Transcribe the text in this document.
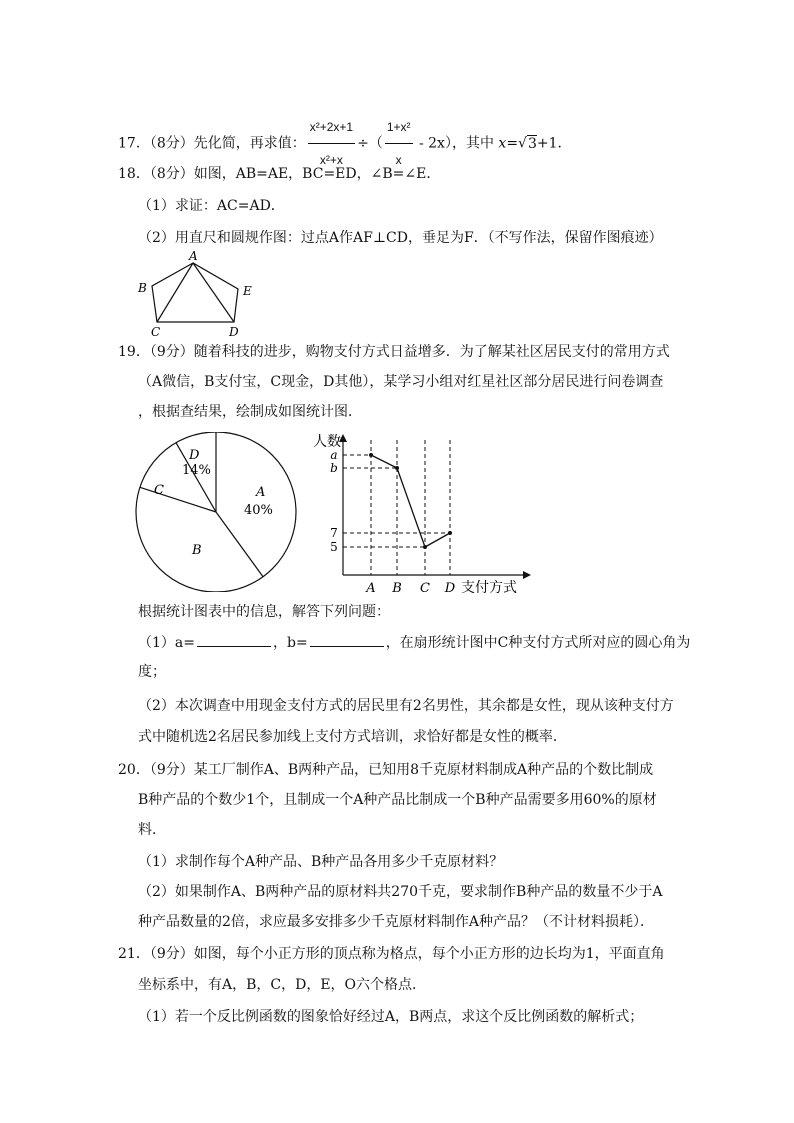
17．（8分）先化简，再求值： $\frac{\text{x²+2x+1}}{\text{x²+x}}$ ÷（ $\frac{\text{1+x²}}{x} - 2x$），其中 x=√3+1．
18．（8分）如图，AB=AE，BC=ED，∠B=∠E．
（1）求证：AC=AD．
（2）用直尺和圆规作图：过点A作AF⊥CD，垂足为F．（不写作法，保留作图痕迹）
A
B
C	D
E
19．（9分）随着科技的进步，购物支付方式日益增多．为了解某社区居民支付的常用方式
（A微信，B支付宝，C现金，D其他），某学习小组对红星社区部分居民进行问卷调查
，根据查结果，绘制成如图统计图．
A
40%
B
C
D
14%
a
b
7
5
A B C D
人数
支付方式
根据统计图表中的信息，解答下列问题：
（1）a=	，b=	，在扇形统计图中C种支付方式所对应的圆心角为
度；
（2）本次调查中用现金支付方式的居民里有2名男性，其余都是女性，现从该种支付方
式中随机选2名居民参加线上支付方式培训，求恰好都是女性的概率．
20．（9分）某工厂制作A、B两种产品，已知用8千克原材料制成A种产品的个数比制成
B种产品的个数少1个，且制成一个A种产品比制成一个B种产品需要多用60%的原材
料．
（1）求制作每个A种产品、B种产品各用多少千克原材料？
（2）如果制作A、B两种产品的原材料共270千克，要求制作B种产品的数量不少于A
种产品数量的2倍，求应最多安排多少千克原材料制作A种产品？（不计材料损耗）．
21．（9分）如图，每个小正方形的顶点称为格点，每个小正方形的边长均为1，平面直角
坐标系中，有A，B，C，D，E，O六个格点．
（1）若一个反比例函数的图象恰好经过A，B两点，求这个反比例函数的解析式；
